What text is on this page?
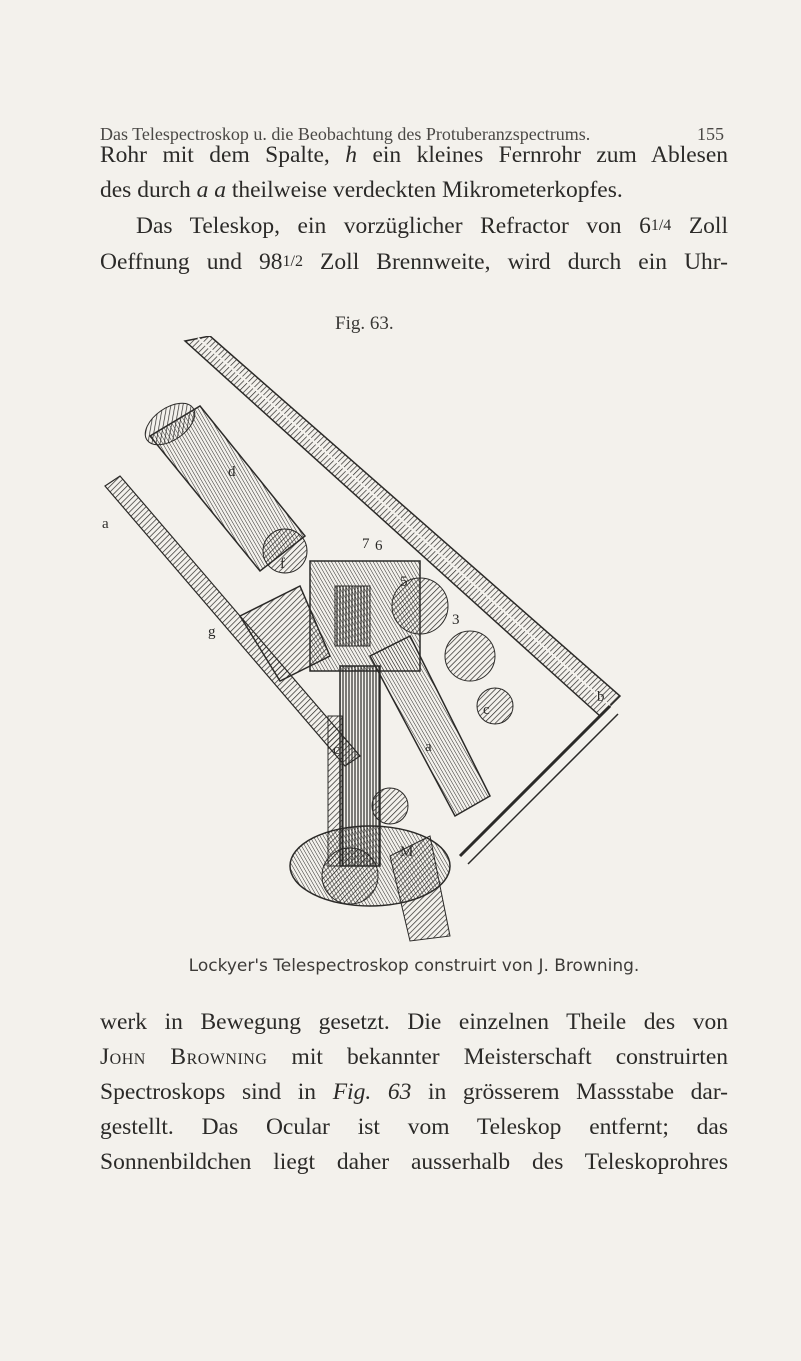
Das Telespectroskop u. die Beobachtung des Protuberanzspectrums.	155
Rohr mit dem Spalte, h ein kleines Fernrohr zum Ablesen
des durch a a theilweise verdeckten Mikrometerkopfes.
Das Teleskop, ein vorzüglicher Refractor von 61/4 Zoll
Oeffnung und 981/2 Zoll Brennweite, wird durch ein Uhr-
Fig. 63.
d
a
7 6
5
3
g
c
c
b
a
M
f
Lockyer's Telespectroskop construirt von J. Browning.
werk in Bewegung gesetzt. Die einzelnen Theile des von
John Browning mit bekannter Meisterschaft construirten
Spectroskops sind in Fig. 63 in grösserem Massstabe dar-
gestellt. Das Ocular ist vom Teleskop entfernt; das
Sonnenbildchen liegt daher ausserhalb des Teleskoprohres
